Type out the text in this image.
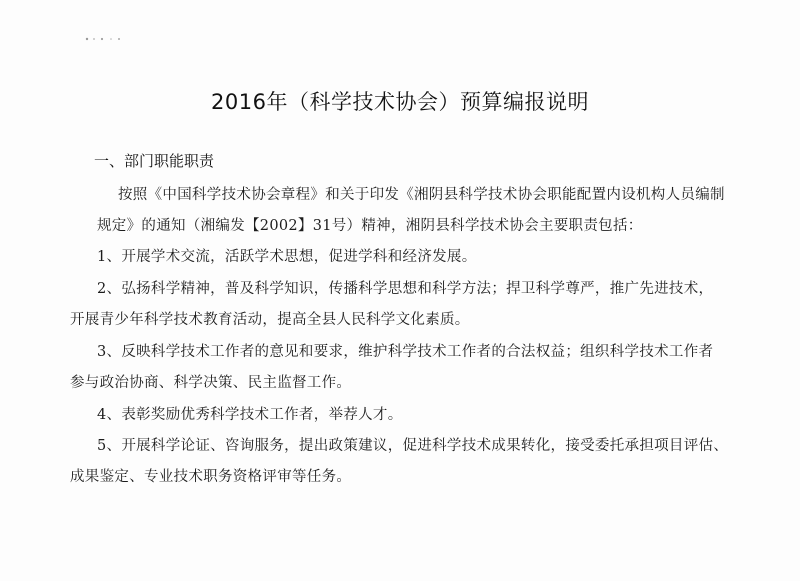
2016年（科学技术协会）预算编报说明
一、部门职能职责
按照《中国科学技术协会章程》和关于印发《湘阴县科学技术协会职能配置内设机构人员编制
规定》的通知（湘编发【2002】31号）精神，湘阴县科学技术协会主要职责包括：
1、开展学术交流，活跃学术思想，促进学科和经济发展。
2、弘扬科学精神，普及科学知识，传播科学思想和科学方法；捍卫科学尊严，推广先进技术，
开展青少年科学技术教育活动，提高全县人民科学文化素质。
3、反映科学技术工作者的意见和要求，维护科学技术工作者的合法权益；组织科学技术工作者
参与政治协商、科学决策、民主监督工作。
4、表彰奖励优秀科学技术工作者，举荐人才。
5、开展科学论证、咨询服务，提出政策建议，促进科学技术成果转化，接受委托承担项目评估、
成果鉴定、专业技术职务资格评审等任务。
